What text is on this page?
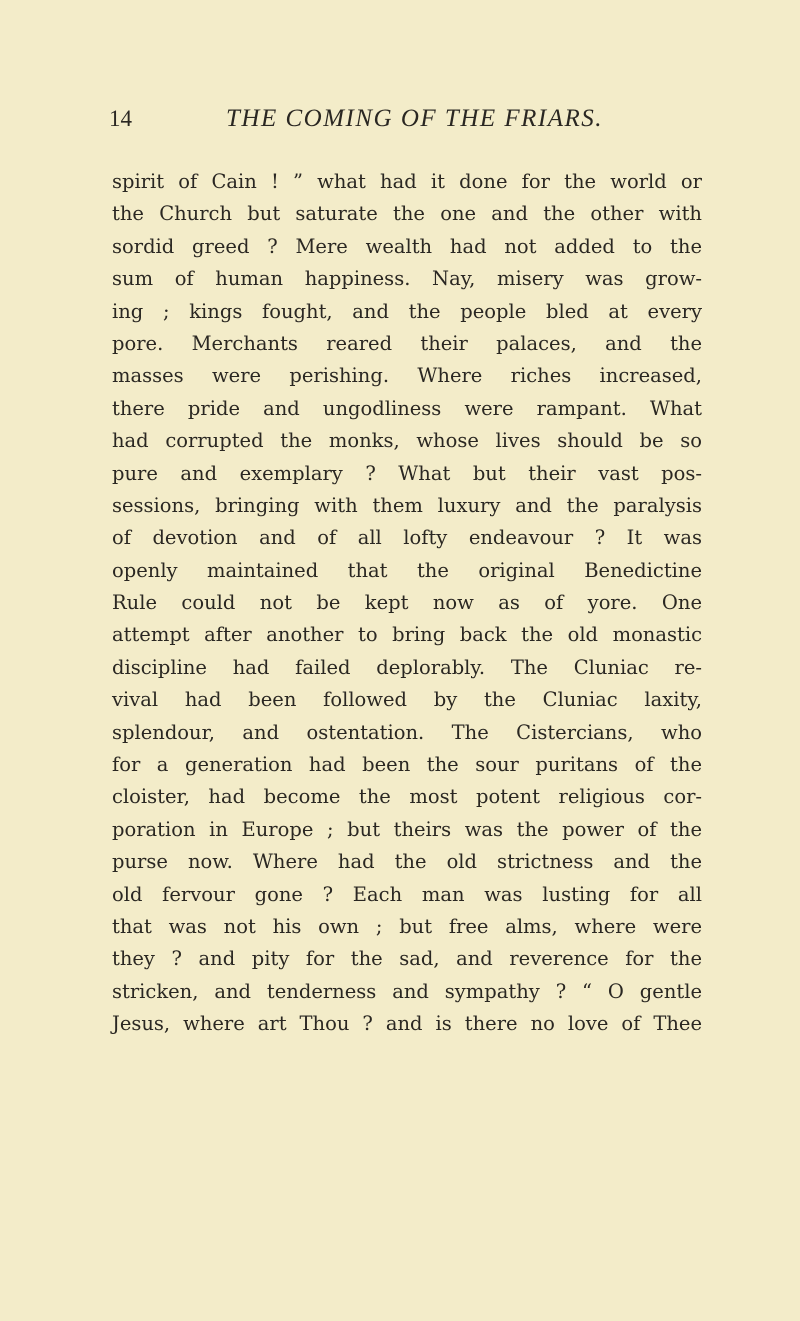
14	THE COMING OF THE FRIARS.
spirit of Cain ! ” what had it done for the world or
the Church but saturate the one and the other with
sordid greed ? Mere wealth had not added to the
sum of human happiness. Nay, misery was grow-
ing ; kings fought, and the people bled at every
pore. Merchants reared their palaces, and the
masses were perishing. Where riches increased,
there pride and ungodliness were rampant. What
had corrupted the monks, whose lives should be so
pure and exemplary ? What but their vast pos-
sessions, bringing with them luxury and the paralysis
of devotion and of all lofty endeavour ? It was
openly maintained that the original Benedictine
Rule could not be kept now as of yore. One
attempt after another to bring back the old monastic
discipline had failed deplorably. The Cluniac re-
vival had been followed by the Cluniac laxity,
splendour, and ostentation. The Cistercians, who
for a generation had been the sour puritans of the
cloister, had become the most potent religious cor-
poration in Europe ; but theirs was the power of the
purse now. Where had the old strictness and the
old fervour gone ? Each man was lusting for all
that was not his own ; but free alms, where were
they ? and pity for the sad, and reverence for the
stricken, and tenderness and sympathy ? “ O gentle
Jesus, where art Thou ? and is there no love of Thee
